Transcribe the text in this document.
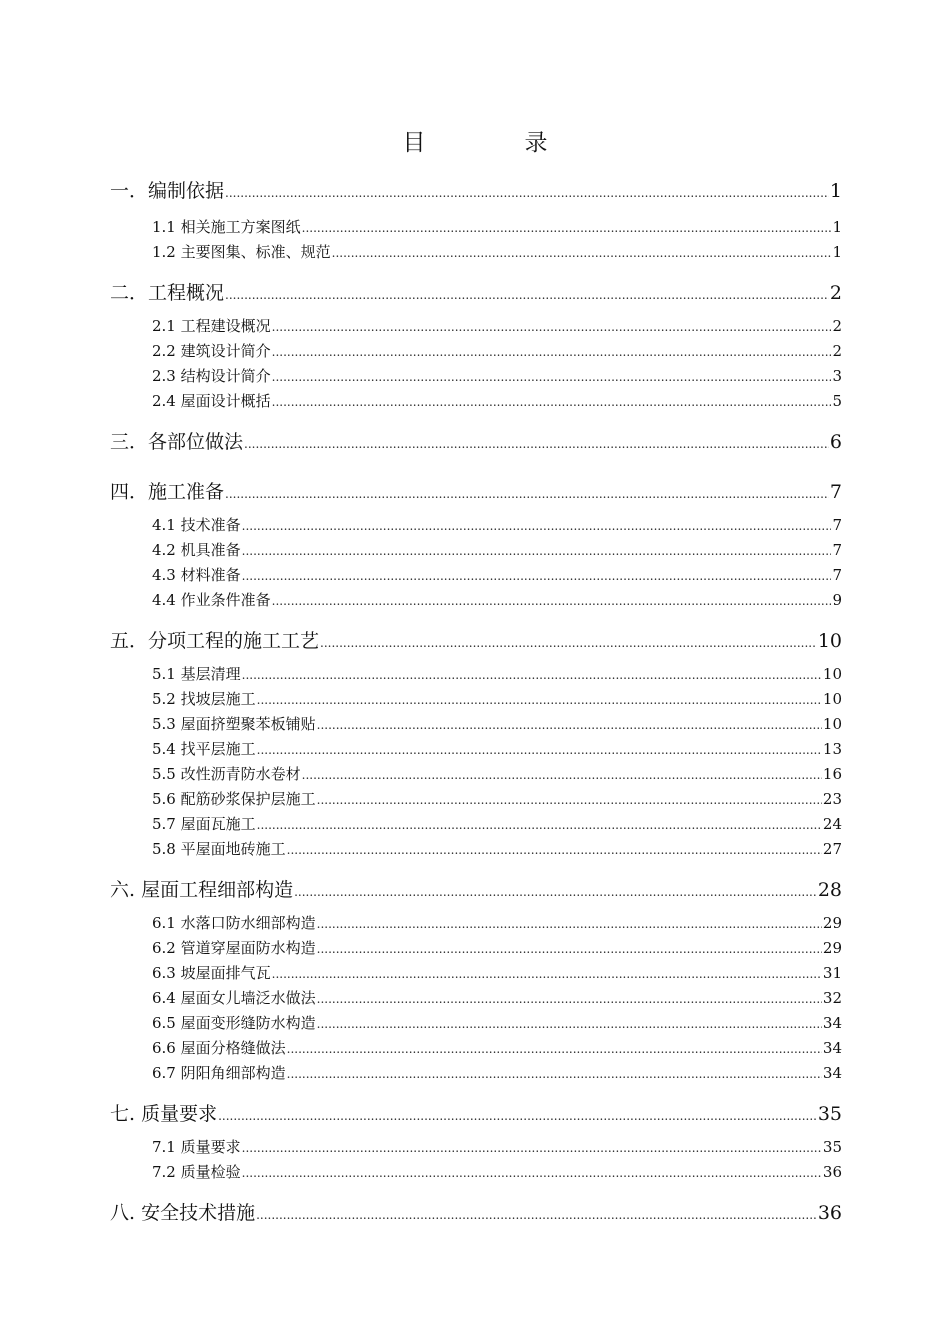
目　录
一．编制依据 .....	1
1.1 相关施工方案图纸 .....	1
1.2 主要图集、标准、规范 .....	1
二．工程概况 .....	2
2.1 工程建设概况 .....	2
2.2 建筑设计简介 .....	2
2.3 结构设计简介 .....	3
2.4 屋面设计概括 .....	5
三．各部位做法 .....	6
四．施工准备 .....	7
4.1 技术准备 .....	7
4.2 机具准备 .....	7
4.3 材料准备 .....	7
4.4 作业条件准备 .....	9
五．分项工程的施工工艺 .....	10
5.1 基层清理 .....	10
5.2 找坡层施工 .....	10
5.3 屋面挤塑聚苯板铺贴 .....	10
5.4 找平层施工 .....	13
5.5 改性沥青防水卷材 .....	16
5.6 配筋砂浆保护层施工 .....	23
5.7 屋面瓦施工 .....	24
5.8 平屋面地砖施工 .....	27
六. 屋面工程细部构造 .....	28
6.1 水落口防水细部构造 .....	29
6.2 管道穿屋面防水构造 .....	29
6.3 坡屋面排气瓦 .....	31
6.4 屋面女儿墙泛水做法 .....	32
6.5 屋面变形缝防水构造 .....	34
6.6 屋面分格缝做法 .....	34
6.7 阴阳角细部构造 .....	34
七. 质量要求 .....	35
7.1 质量要求 .....	35
7.2 质量检验 .....	36
八. 安全技术措施 .....	36
